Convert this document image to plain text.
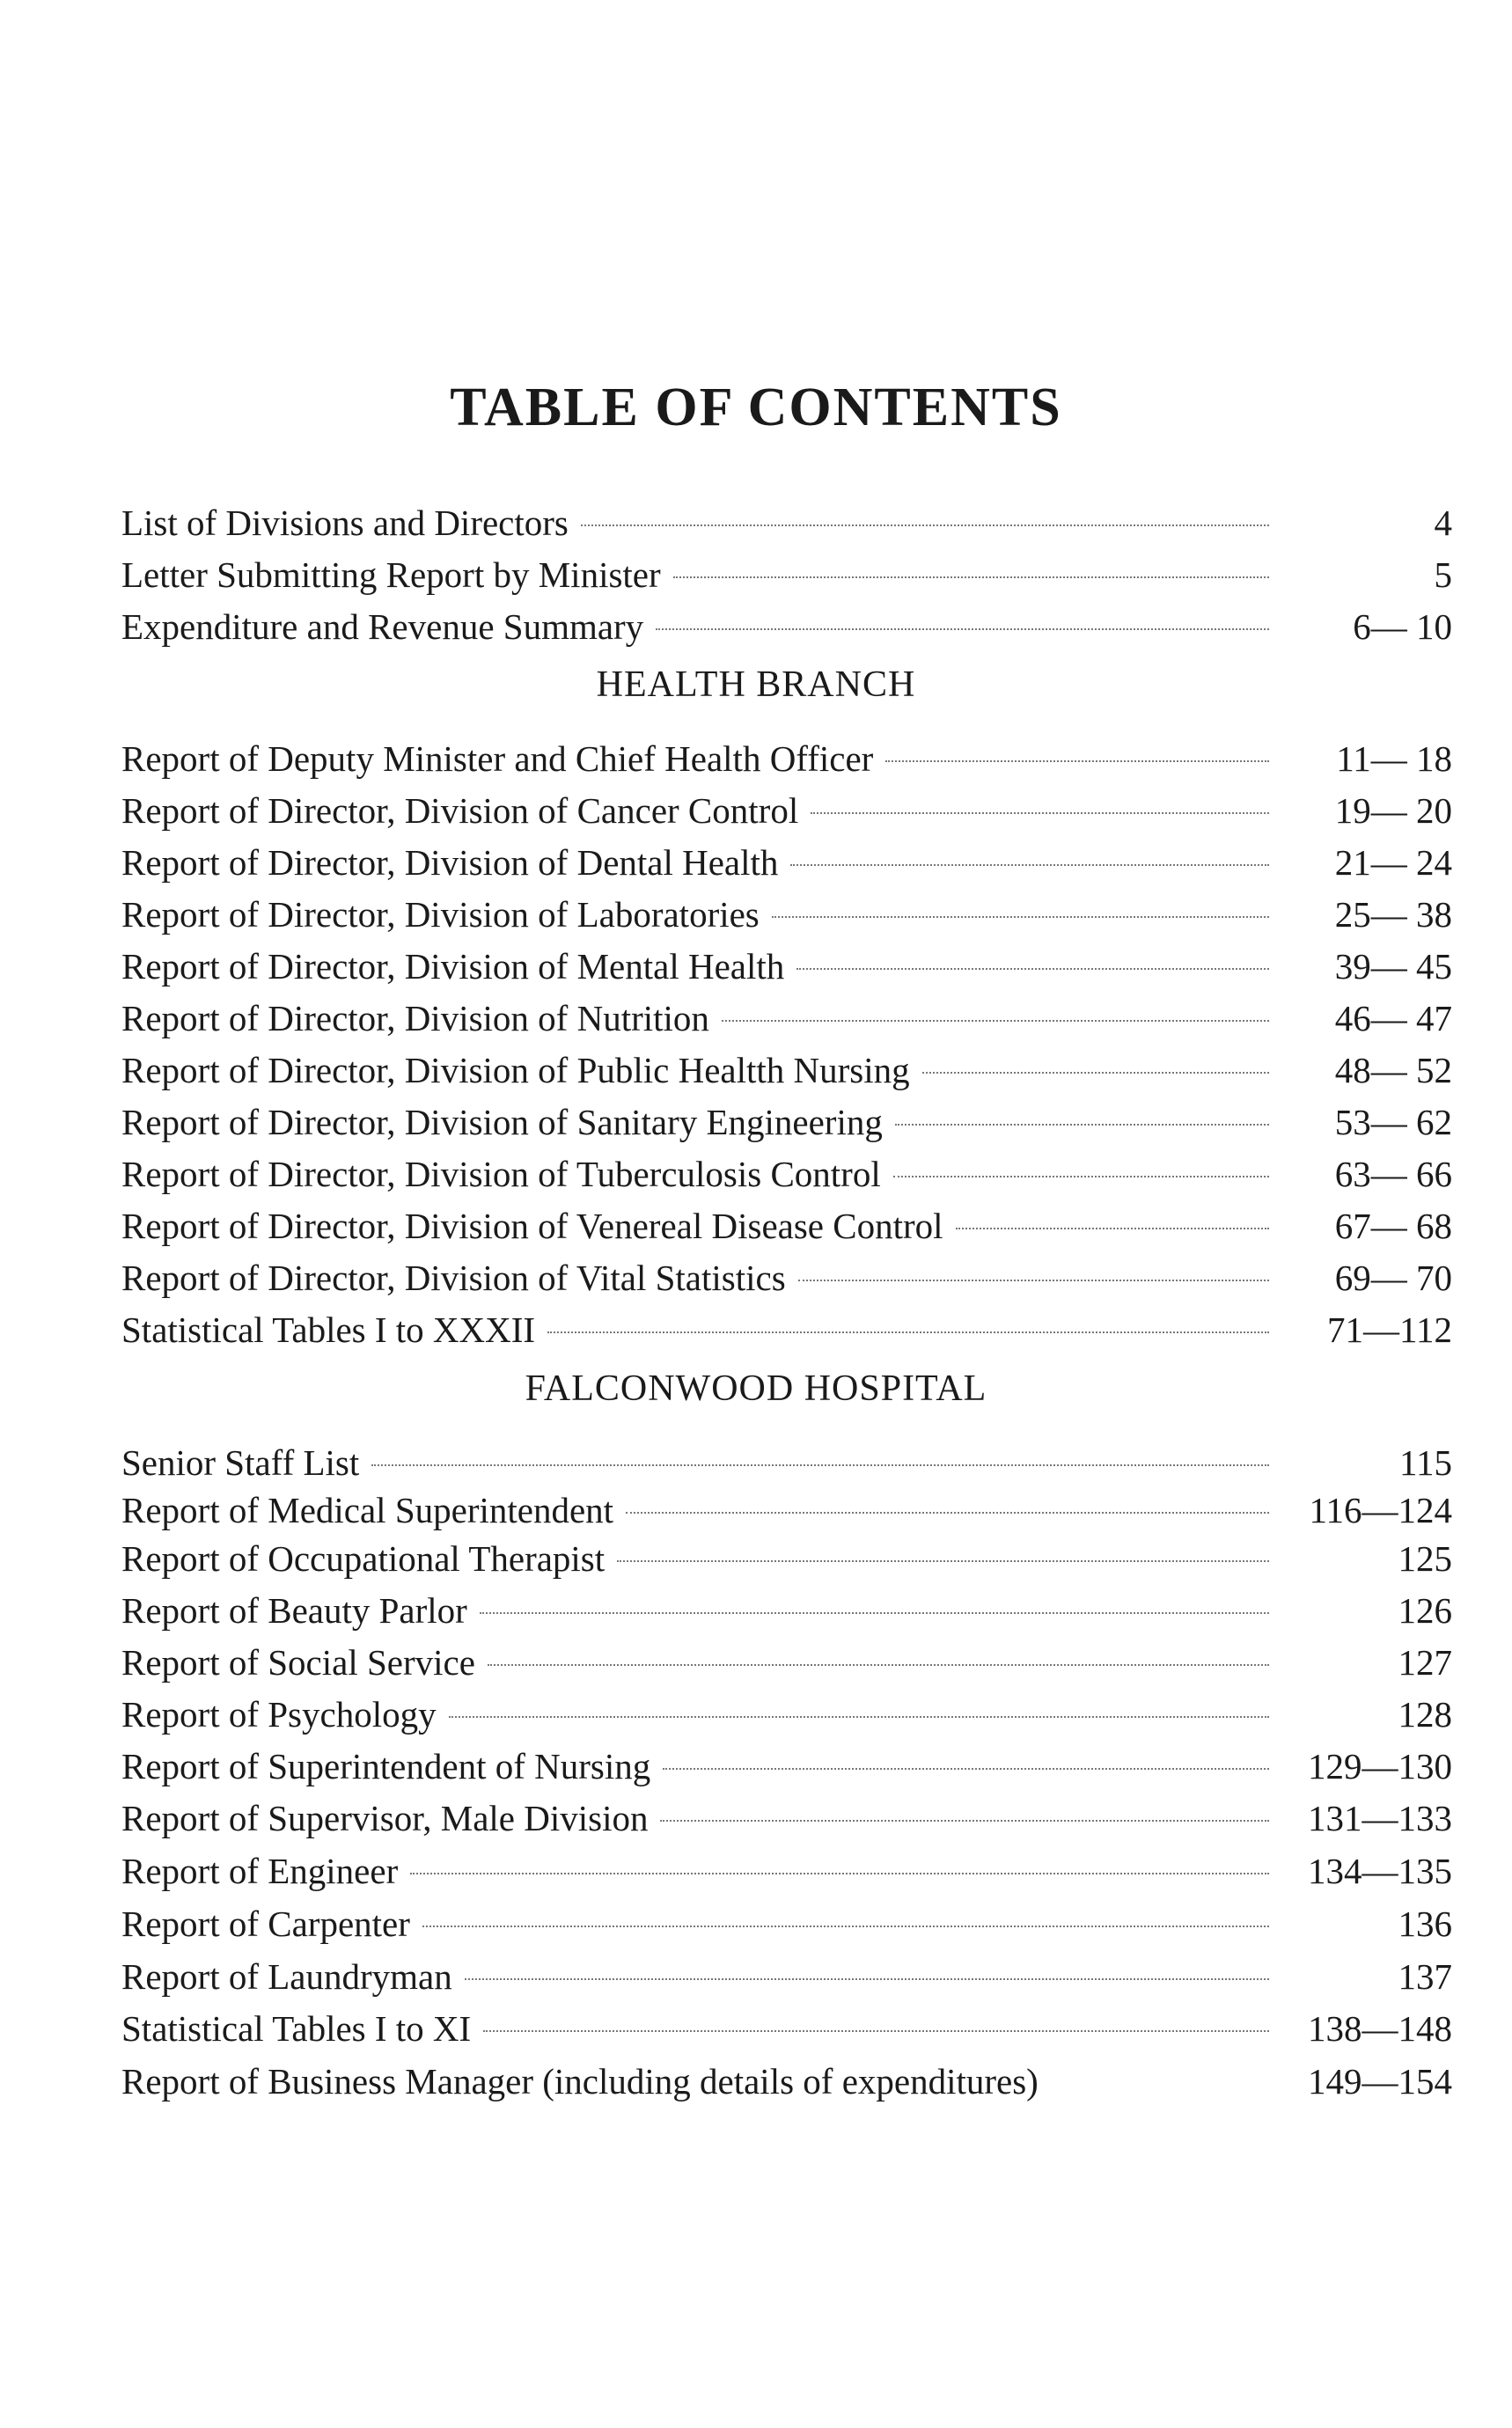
TABLE OF CONTENTS
List of Divisions and Directors	4
Letter Submitting Report by Minister	5
Expenditure and Revenue Summary	6— 10
HEALTH BRANCH
Report of Deputy Minister and Chief Health Officer	11— 18
Report of Director, Division of Cancer Control	19— 20
Report of Director, Division of Dental Health	21— 24
Report of Director, Division of Laboratories	25— 38
Report of Director, Division of Mental Health	39— 45
Report of Director, Division of Nutrition	46— 47
Report of Director, Division of Public Healtth Nursing	48— 52
Report of Director, Division of Sanitary Engineering	53— 62
Report of Director, Division of Tuberculosis Control	63— 66
Report of Director, Division of Venereal Disease Control	67— 68
Report of Director, Division of Vital Statistics	69— 70
Statistical Tables I to XXXII	71—112
FALCONWOOD HOSPITAL
Senior Staff List	115
Report of Medical Superintendent	116—124
Report of Occupational Therapist	125
Report of Beauty Parlor	126
Report of Social Service	127
Report of Psychology	128
Report of Superintendent of Nursing	129—130
Report of Supervisor, Male Division	131—133
Report of Engineer	134—135
Report of Carpenter	136
Report of Laundryman	137
Statistical Tables I to XI	138—148
Report of Business Manager (including details of expenditures)	149—154
